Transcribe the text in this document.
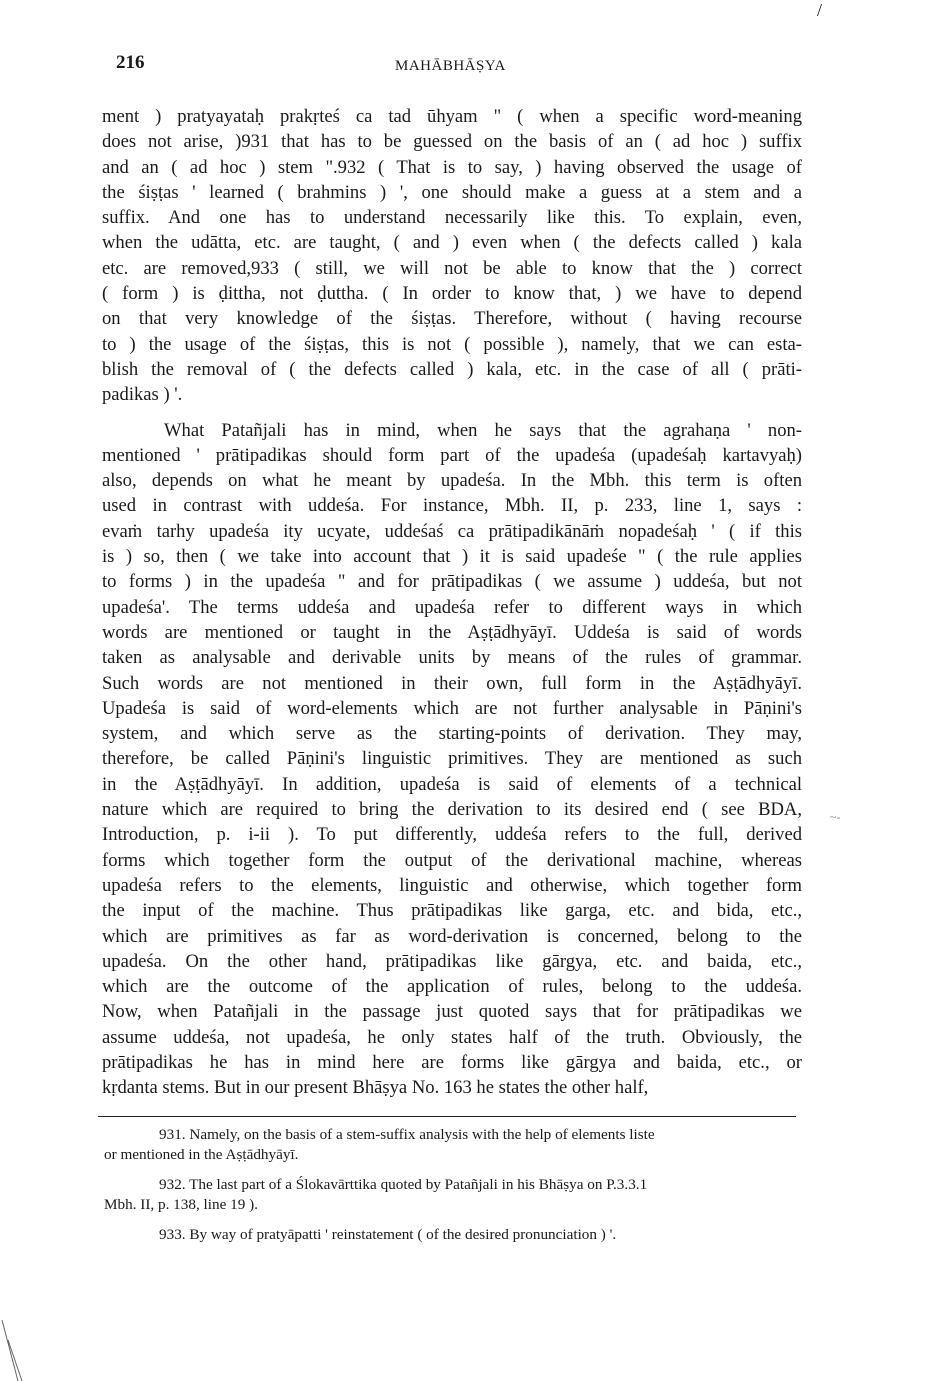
/
216	MAHĀBHĀṢYA
ment ) pratyayataḥ prakṛteś ca tad ūhyam " ( when a specific word-meaning
does not arise, )931 that has to be guessed on the basis of an ( ad hoc ) suffix
and an ( ad hoc ) stem ".932 ( That is to say, ) having observed the usage of
the śiṣṭas ' learned ( brahmins ) ', one should make a guess at a stem and a
suffix. And one has to understand necessarily like this. To explain, even,
when the udātta, etc. are taught, ( and ) even when ( the defects called ) kala
etc. are removed,933 ( still, we will not be able to know that the ) correct
( form ) is ḍittha, not ḍuttha. ( In order to know that, ) we have to depend
on that very knowledge of the śiṣṭas. Therefore, without ( having recourse
to ) the usage of the śiṣṭas, this is not ( possible ), namely, that we can esta-
blish the removal of ( the defects called ) kala, etc. in the case of all ( prāti-
padikas ) '.
What Patañjali has in mind, when he says that the agrahaṇa ' non-
mentioned ' prātipadikas should form part of the upadeśa (upadeśaḥ kartavyaḥ)
also, depends on what he meant by upadeśa. In the Mbh. this term is often
used in contrast with uddeśa. For instance, Mbh. II, p. 233, line 1, says :
evaṁ tarhy upadeśa ity ucyate, uddeśaś ca prātipadikānāṁ nopadeśaḥ ' ( if this
is ) so, then ( we take into account that ) it is said upadeśe " ( the rule applies
to forms ) in the upadeśa " and for prātipadikas ( we assume ) uddeśa, but not
upadeśa'. The terms uddeśa and upadeśa refer to different ways in which
words are mentioned or taught in the Aṣṭādhyāyī. Uddeśa is said of words
taken as analysable and derivable units by means of the rules of grammar.
Such words are not mentioned in their own, full form in the Aṣṭādhyāyī.
Upadeśa is said of word-elements which are not further analysable in Pāṇini's
system, and which serve as the starting-points of derivation. They may,
therefore, be called Pāṇini's linguistic primitives. They are mentioned as such
in the Aṣṭādhyāyī. In addition, upadeśa is said of elements of a technical
nature which are required to bring the derivation to its desired end ( see BDA,
Introduction, p. i-ii ). To put differently, uddeśa refers to the full, derived
forms which together form the output of the derivational machine, whereas
upadeśa refers to the elements, linguistic and otherwise, which together form
the input of the machine. Thus prātipadikas like garga, etc. and bida, etc.,
which are primitives as far as word-derivation is concerned, belong to the
upadeśa. On the other hand, prātipadikas like gārgya, etc. and baida, etc.,
which are the outcome of the application of rules, belong to the uddeśa.
Now, when Patañjali in the passage just quoted says that for prātipadikas we
assume uddeśa, not upadeśa, he only states half of the truth. Obviously, the
prātipadikas he has in mind here are forms like gārgya and baida, etc., or
kṛdanta stems. But in our present Bhāṣya No. 163 he states the other half,
931. Namely, on the basis of a stem-suffix analysis with the help of elements liste
or mentioned in the Aṣṭādhyāyī.
932. The last part of a Ślokavārttika quoted by Patañjali in his Bhāṣya on P.3.3.1
Mbh. II, p. 138, line 19 ).
933. By way of pratyāpatti ' reinstatement ( of the desired pronunciation ) '.
~-
